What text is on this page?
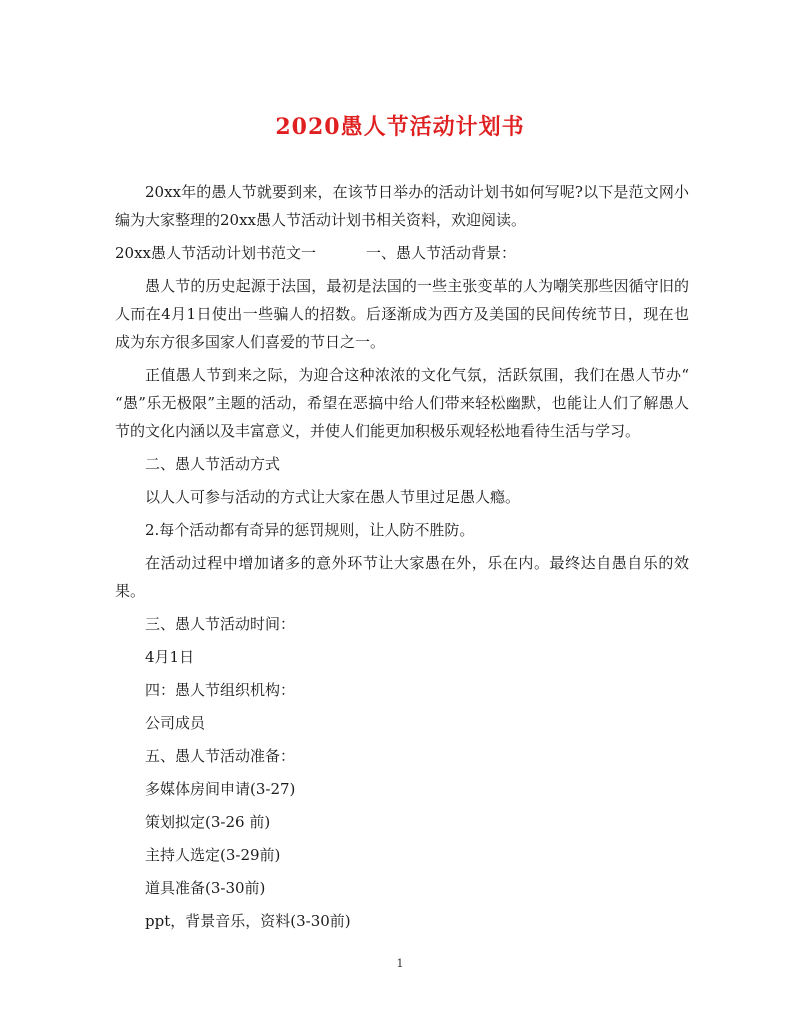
2020愚人节活动计划书

20xx年的愚人节就要到来，在该节日举办的活动计划书如何写呢?以下是范文网小编为大家整理的20xx愚人节活动计划书相关资料，欢迎阅读。

20xx愚人节活动计划书范文一	一、愚人节活动背景：

愚人节的历史起源于法国，最初是法国的一些主张变革的人为嘲笑那些因循守旧的人而在4月1日使出一些骗人的招数。后逐渐成为西方及美国的民间传统节日，现在也成为东方很多国家人们喜爱的节日之一。

正值愚人节到来之际，为迎合这种浓浓的文化气氛，活跃氛围，我们在愚人节办“ “愚”乐无极限”主题的活动，希望在恶搞中给人们带来轻松幽默，也能让人们了解愚人节的文化内涵以及丰富意义，并使人们能更加积极乐观轻松地看待生活与学习。

二、愚人节活动方式

以人人可参与活动的方式让大家在愚人节里过足愚人瘾。

2.每个活动都有奇异的惩罚规则，让人防不胜防。

在活动过程中增加诸多的意外环节让大家愚在外，乐在内。最终达自愚自乐的效果。

三、愚人节活动时间：

4月1日

四：愚人节组织机构：

公司成员

五、愚人节活动准备：

多媒体房间申请(3-27)

策划拟定(3-26 前)

主持人选定(3-29前)

道具准备(3-30前)

ppt，背景音乐，资料(3-30前)

1
